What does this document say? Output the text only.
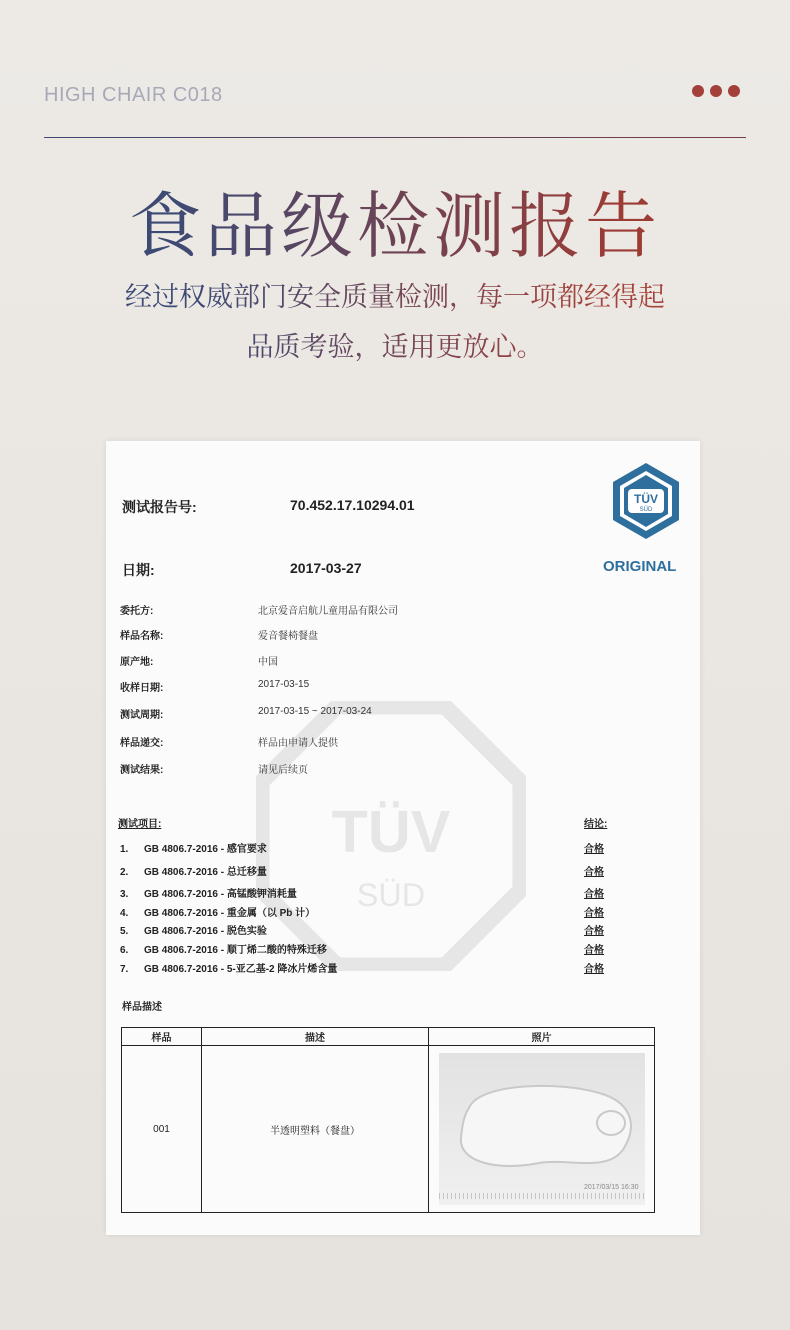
HIGH CHAIR C018
食品级检测报告
经过权威部门安全质量检测，每一项都经得起
品质考验，适用更放心。
TÜV
SÜD
测试报告号:	70.452.17.10294.01
日期:	2017-03-27
TÜV
SÜD
ORIGINAL
委托方:	北京爱音启航儿童用品有限公司
样品名称:	爱音餐椅餐盘
原产地:	中国
收样日期:	2017-03-15
测试周期:	2017-03-15 ~ 2017-03-24
样品递交:	样品由申请人提供
测试结果:	请见后续页
测试项目:	结论:
1. GB 4806.7-2016 - 感官要求	合格
2. GB 4806.7-2016 - 总迁移量	合格
3. GB 4806.7-2016 - 高锰酸钾消耗量	合格
4. GB 4806.7-2016 - 重金属（以 Pb 计）	合格
5. GB 4806.7-2016 - 脱色实验	合格
6. GB 4806.7-2016 - 顺丁烯二酸的特殊迁移	合格
7. GB 4806.7-2016 - 5-亚乙基-2 降冰片烯含量	合格
样品描述
样品	描述	照片
001	半透明塑料（餐盘）	2017/03/15 16:30
